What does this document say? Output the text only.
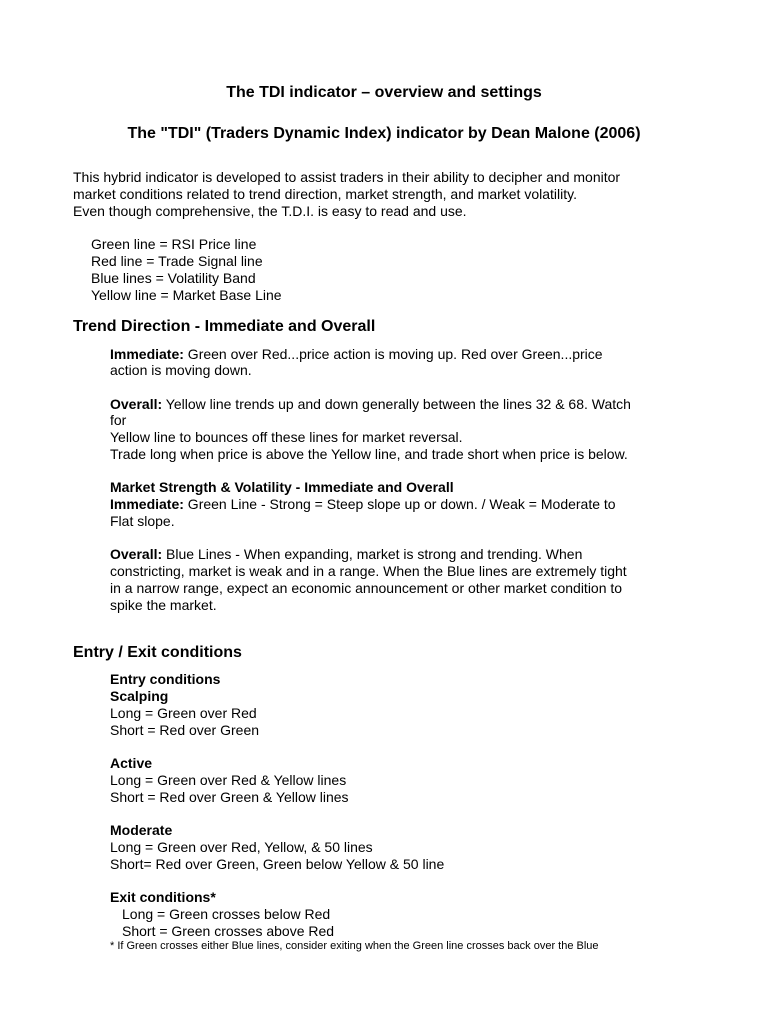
The TDI indicator – overview and settings
The "TDI" (Traders Dynamic Index) indicator by Dean Malone (2006)
This hybrid indicator is developed to assist traders in their ability to decipher and monitor
market conditions related to trend direction, market strength, and market volatility.
Even though comprehensive, the T.D.I. is easy to read and use.
Green line = RSI Price line
Red line = Trade Signal line
Blue lines = Volatility Band
Yellow line = Market Base Line
Trend Direction - Immediate and Overall
Immediate: Green over Red...price action is moving up. Red over Green...price
action is moving down.
Overall: Yellow line trends up and down generally between the lines 32 & 68. Watch
for
Yellow line to bounces off these lines for market reversal.
Trade long when price is above the Yellow line, and trade short when price is below.
Market Strength & Volatility - Immediate and Overall
Immediate: Green Line - Strong = Steep slope up or down. / Weak = Moderate to
Flat slope.
Overall: Blue Lines - When expanding, market is strong and trending. When
constricting, market is weak and in a range. When the Blue lines are extremely tight
in a narrow range, expect an economic announcement or other market condition to
spike the market.
Entry / Exit conditions
Entry conditions
Scalping
Long = Green over Red
Short = Red over Green
Active
Long = Green over Red & Yellow lines
Short = Red over Green & Yellow lines
Moderate
Long = Green over Red, Yellow, & 50 lines
Short= Red over Green, Green below Yellow & 50 line
Exit conditions*
Long = Green crosses below Red
Short = Green crosses above Red
* If Green crosses either Blue lines, consider exiting when the Green line crosses back over the Blue
